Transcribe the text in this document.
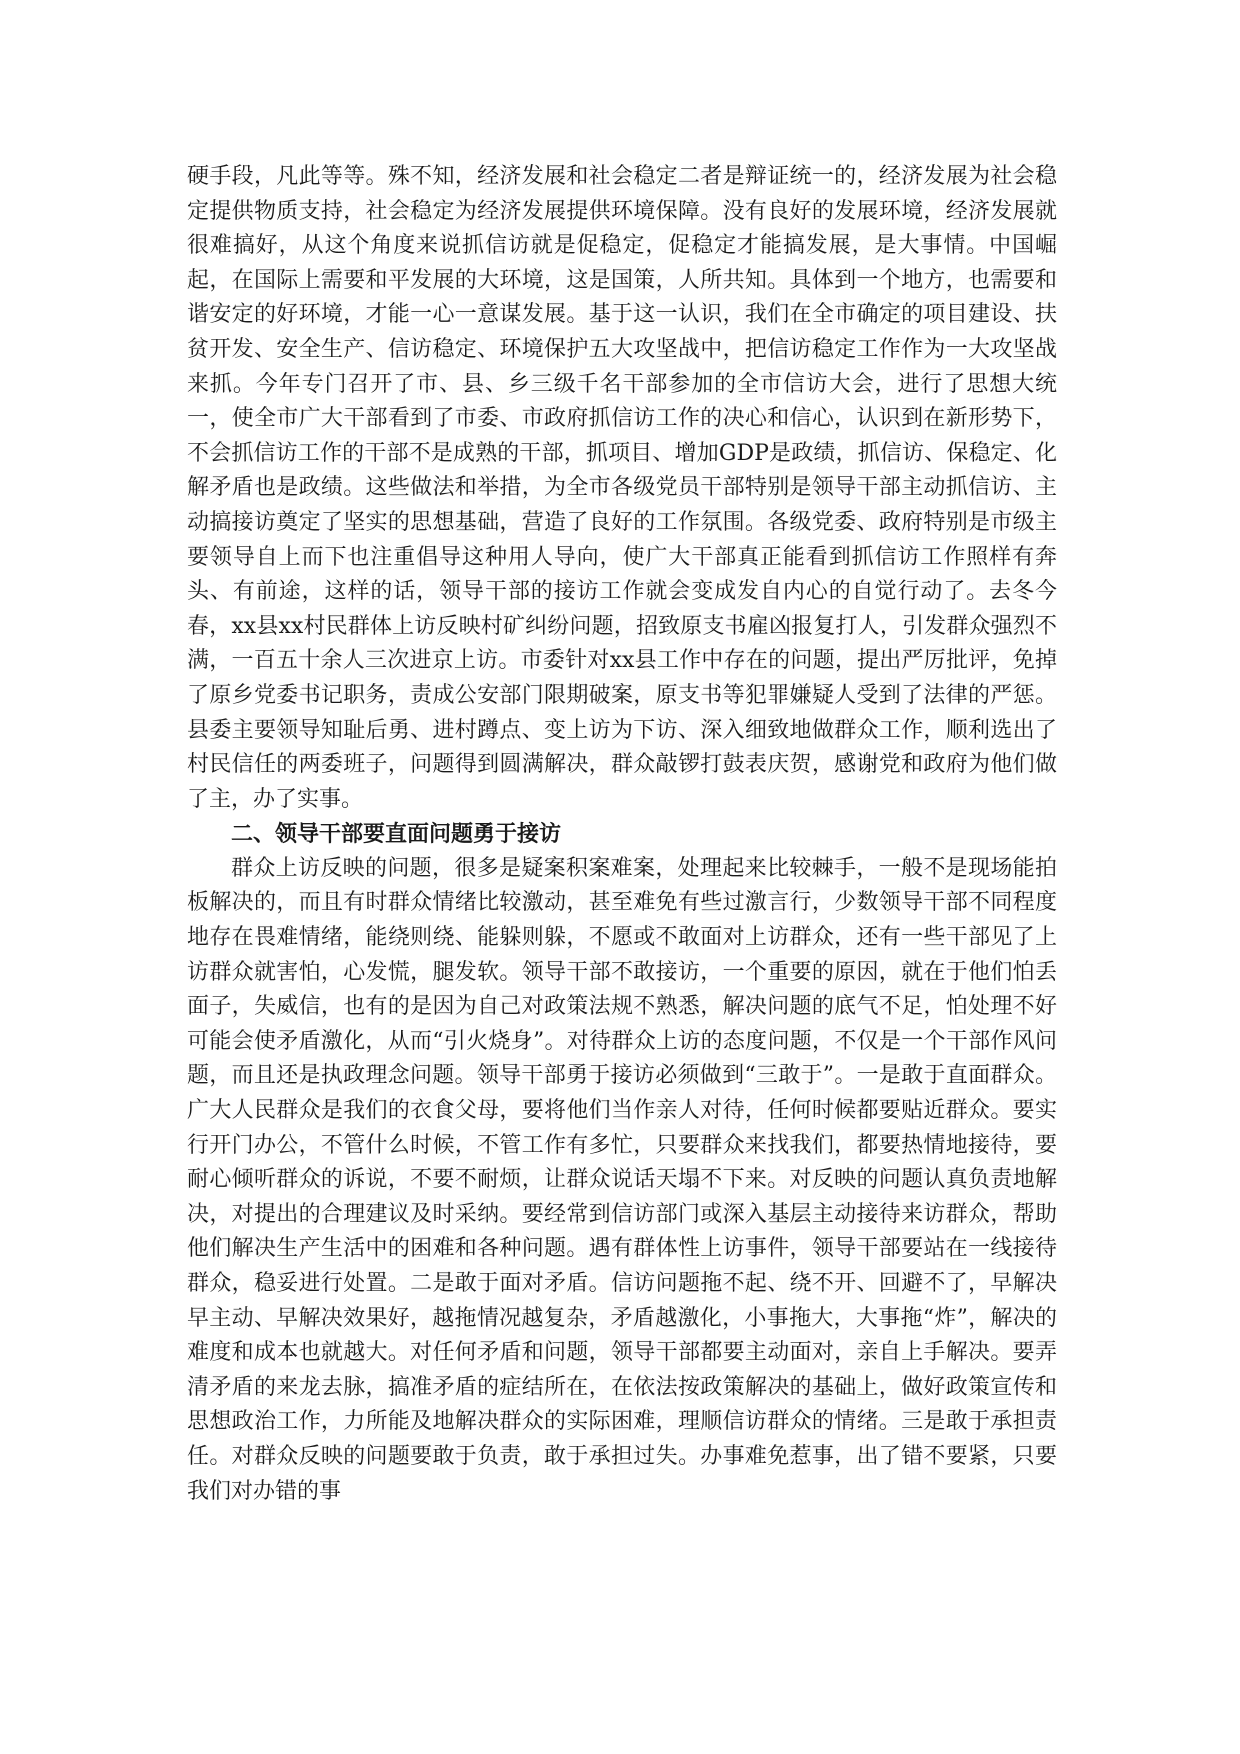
硬手段，凡此等等。殊不知，经济发展和社会稳定二者是辩证统一的，经济发展为社会稳定提供物质支持，社会稳定为经济发展提供环境保障。没有良好的发展环境，经济发展就很难搞好，从这个角度来说抓信访就是促稳定，促稳定才能搞发展，是大事情。中国崛起，在国际上需要和平发展的大环境，这是国策，人所共知。具体到一个地方，也需要和谐安定的好环境，才能一心一意谋发展。基于这一认识，我们在全市确定的项目建设、扶贫开发、安全生产、信访稳定、环境保护五大攻坚战中，把信访稳定工作作为一大攻坚战来抓。今年专门召开了市、县、乡三级千名干部参加的全市信访大会，进行了思想大统一，使全市广大干部看到了市委、市政府抓信访工作的决心和信心，认识到在新形势下，不会抓信访工作的干部不是成熟的干部，抓项目、增加GDP是政绩，抓信访、保稳定、化解矛盾也是政绩。这些做法和举措，为全市各级党员干部特别是领导干部主动抓信访、主动搞接访奠定了坚实的思想基础，营造了良好的工作氛围。各级党委、政府特别是市级主要领导自上而下也注重倡导这种用人导向，使广大干部真正能看到抓信访工作照样有奔头、有前途，这样的话，领导干部的接访工作就会变成发自内心的自觉行动了。去冬今春，xx县xx村民群体上访反映村矿纠纷问题，招致原支书雇凶报复打人，引发群众强烈不满，一百五十余人三次进京上访。市委针对xx县工作中存在的问题，提出严厉批评，免掉了原乡党委书记职务，责成公安部门限期破案，原支书等犯罪嫌疑人受到了法律的严惩。县委主要领导知耻后勇、进村蹲点、变上访为下访、深入细致地做群众工作，顺利选出了村民信任的两委班子，问题得到圆满解决，群众敲锣打鼓表庆贺，感谢党和政府为他们做了主，办了实事。

二、领导干部要直面问题勇于接访

群众上访反映的问题，很多是疑案积案难案，处理起来比较棘手，一般不是现场能拍板解决的，而且有时群众情绪比较激动，甚至难免有些过激言行，少数领导干部不同程度地存在畏难情绪，能绕则绕、能躲则躲，不愿或不敢面对上访群众，还有一些干部见了上访群众就害怕，心发慌，腿发软。领导干部不敢接访，一个重要的原因，就在于他们怕丢面子，失威信，也有的是因为自己对政策法规不熟悉，解决问题的底气不足，怕处理不好可能会使矛盾激化，从而“引火烧身”。对待群众上访的态度问题，不仅是一个干部作风问题，而且还是执政理念问题。领导干部勇于接访必须做到“三敢于”。一是敢于直面群众。广大人民群众是我们的衣食父母，要将他们当作亲人对待，任何时候都要贴近群众。要实行开门办公，不管什么时候，不管工作有多忙，只要群众来找我们，都要热情地接待，要耐心倾听群众的诉说，不要不耐烦，让群众说话天塌不下来。对反映的问题认真负责地解决，对提出的合理建议及时采纳。要经常到信访部门或深入基层主动接待来访群众，帮助他们解决生产生活中的困难和各种问题。遇有群体性上访事件，领导干部要站在一线接待群众，稳妥进行处置。二是敢于面对矛盾。信访问题拖不起、绕不开、回避不了，早解决早主动、早解决效果好，越拖情况越复杂，矛盾越激化，小事拖大，大事拖“炸”，解决的难度和成本也就越大。对任何矛盾和问题，领导干部都要主动面对，亲自上手解决。要弄清矛盾的来龙去脉，搞准矛盾的症结所在，在依法按政策解决的基础上，做好政策宣传和思想政治工作，力所能及地解决群众的实际困难，理顺信访群众的情绪。三是敢于承担责任。对群众反映的问题要敢于负责，敢于承担过失。办事难免惹事，出了错不要紧，只要我们对办错的事
